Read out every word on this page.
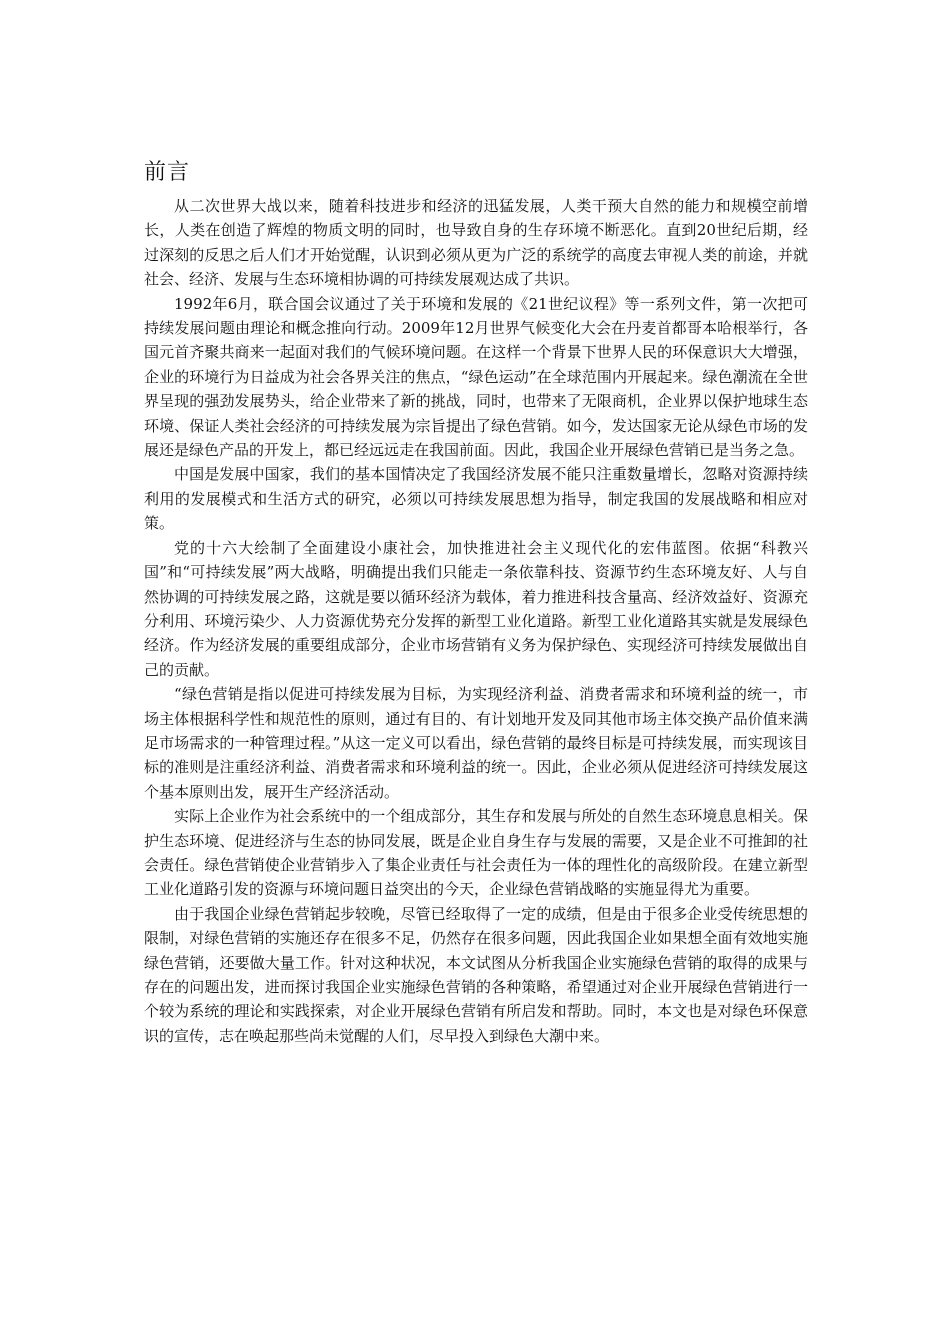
前言

从二次世界大战以来，随着科技进步和经济的迅猛发展，人类干预大自然的能力和规模空前增长，人类在创造了辉煌的物质文明的同时，也导致自身的生存环境不断恶化。直到20世纪后期，经过深刻的反思之后人们才开始觉醒，认识到必须从更为广泛的系统学的高度去审视人类的前途，并就社会、经济、发展与生态环境相协调的可持续发展观达成了共识。

1992年6月，联合国会议通过了关于环境和发展的《21世纪议程》等一系列文件，第一次把可持续发展问题由理论和概念推向行动。2009年12月世界气候变化大会在丹麦首都哥本哈根举行，各国元首齐聚共商来一起面对我们的气候环境问题。在这样一个背景下世界人民的环保意识大大增强，企业的环境行为日益成为社会各界关注的焦点，“绿色运动”在全球范围内开展起来。绿色潮流在全世界呈现的强劲发展势头，给企业带来了新的挑战，同时，也带来了无限商机，企业界以保护地球生态环境、保证人类社会经济的可持续发展为宗旨提出了绿色营销。如今，发达国家无论从绿色市场的发展还是绿色产品的开发上，都已经远远走在我国前面。因此，我国企业开展绿色营销已是当务之急。

中国是发展中国家，我们的基本国情决定了我国经济发展不能只注重数量增长，忽略对资源持续利用的发展模式和生活方式的研究，必须以可持续发展思想为指导，制定我国的发展战略和相应对策。

党的十六大绘制了全面建设小康社会，加快推进社会主义现代化的宏伟蓝图。依据“科教兴国”和“可持续发展”两大战略，明确提出我们只能走一条依靠科技、资源节约生态环境友好、人与自然协调的可持续发展之路，这就是要以循环经济为载体，着力推进科技含量高、经济效益好、资源充分利用、环境污染少、人力资源优势充分发挥的新型工业化道路。新型工业化道路其实就是发展绿色经济。作为经济发展的重要组成部分，企业市场营销有义务为保护绿色、实现经济可持续发展做出自己的贡献。

“绿色营销是指以促进可持续发展为目标，为实现经济利益、消费者需求和环境利益的统一，市场主体根据科学性和规范性的原则，通过有目的、有计划地开发及同其他市场主体交换产品价值来满足市场需求的一种管理过程。”从这一定义可以看出，绿色营销的最终目标是可持续发展，而实现该目标的准则是注重经济利益、消费者需求和环境利益的统一。因此，企业必须从促进经济可持续发展这个基本原则出发，展开生产经济活动。

实际上企业作为社会系统中的一个组成部分，其生存和发展与所处的自然生态环境息息相关。保护生态环境、促进经济与生态的协同发展，既是企业自身生存与发展的需要，又是企业不可推卸的社会责任。绿色营销使企业营销步入了集企业责任与社会责任为一体的理性化的高级阶段。在建立新型工业化道路引发的资源与环境问题日益突出的今天，企业绿色营销战略的实施显得尤为重要。

由于我国企业绿色营销起步较晚，尽管已经取得了一定的成绩，但是由于很多企业受传统思想的限制，对绿色营销的实施还存在很多不足，仍然存在很多问题，因此我国企业如果想全面有效地实施绿色营销，还要做大量工作。针对这种状况，本文试图从分析我国企业实施绿色营销的取得的成果与存在的问题出发，进而探讨我国企业实施绿色营销的各种策略，希望通过对企业开展绿色营销进行一个较为系统的理论和实践探索，对企业开展绿色营销有所启发和帮助。同时，本文也是对绿色环保意识的宣传，志在唤起那些尚未觉醒的人们，尽早投入到绿色大潮中来。
